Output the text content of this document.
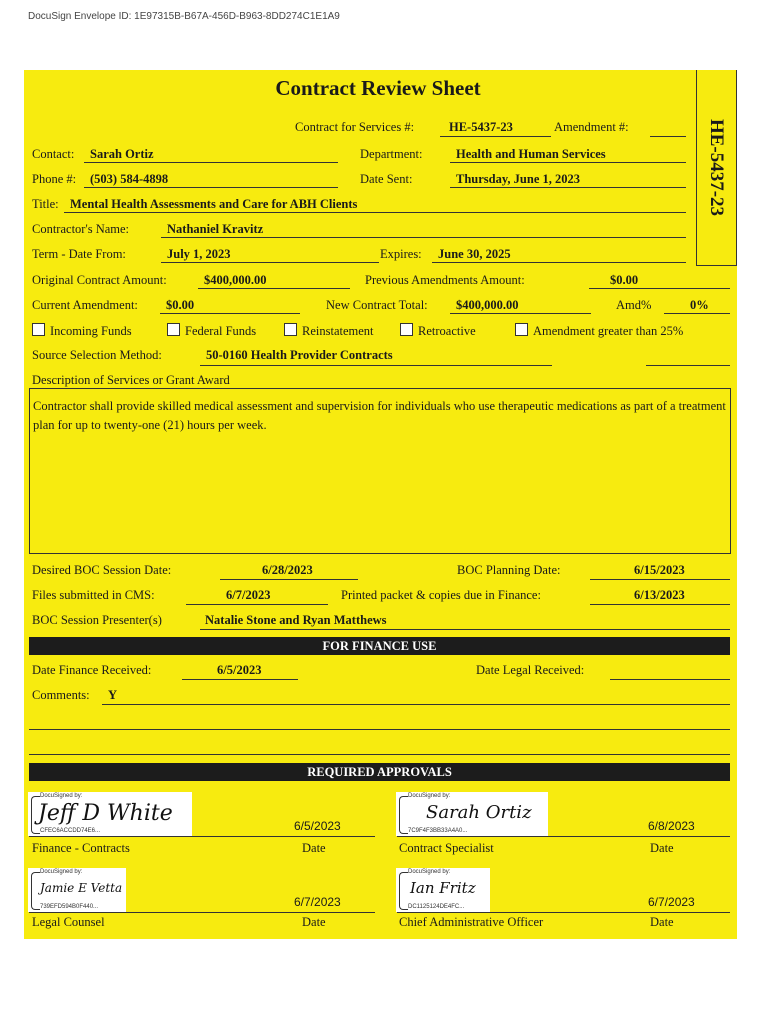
DocuSign Envelope ID: 1E97315B-B67A-456D-B963-8DD274C1E1A9
Contract Review Sheet
HE-5437-23
Contract for Services #:	HE-5437-23	Amendment #:
Contact: Sarah Ortiz	Department:	Health and Human Services
Phone #: (503) 584-4898	Date Sent:	Thursday, June 1, 2023
Title: Mental Health Assessments and Care for ABH Clients
Contractor's Name:	Nathaniel Kravitz
Term - Date From:	July 1, 2023	Expires: June 30, 2025
Original Contract Amount:	$400,000.00	Previous Amendments Amount:	$0.00
Current Amendment: $0.00	New Contract Total: $400,000.00	Amd%	0%
Incoming Funds	Federal Funds	Reinstatement	Retroactive	Amendment greater than 25%
Source Selection Method:	50-0160 Health Provider Contracts
Description of Services or Grant Award
Contractor shall provide skilled medical assessment and supervision for individuals who use therapeutic medications as part of a treatment plan for up to twenty-one (21) hours per week.
Desired BOC Session Date:	6/28/2023	BOC Planning Date:	6/15/2023
Files submitted in CMS:	6/7/2023	Printed packet & copies due in Finance:	6/13/2023
BOC Session Presenter(s)	Natalie Stone and Ryan Matthews
FOR FINANCE USE
Date Finance Received:	6/5/2023	Date Legal Received:
Comments: Y
REQUIRED APPROVALS
DocuSigned by:
Jeff D White
CFEC6ACCDD74E6...	6/5/2023
Finance - Contracts	Date
DocuSigned by:
Sarah Ortiz
7C9F4F3BB33A4A0...	6/8/2023
Contract Specialist	Date
DocuSigned by:
Jamie E Vetta
739EFD594B0F440...	6/7/2023
Legal Counsel	Date
DocuSigned by:
Ian Fritz
DC1125124DE4FC...	6/7/2023
Chief Administrative Officer	Date
